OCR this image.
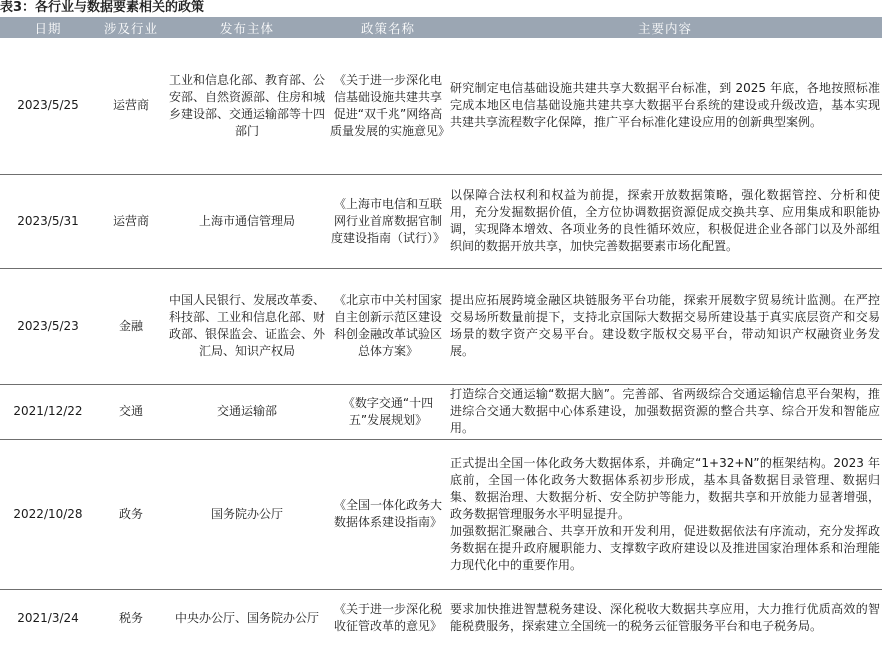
表3：各行业与数据要素相关的政策
日期	涉及行业	发布主体	政策名称	主要内容
2023/5/25	运营商	工业和信息化部、教育部、公安部、自然资源部、住房和城乡建设部、交通运输部等十四部门	《关于进一步深化电信基础设施共建共享促进“双千兆”网络高质量发展的实施意见》	研究制定电信基础设施共建共享大数据平台标准，到 2025 年底，各地按照标准完成本地区电信基础设施共建共享大数据平台系统的建设或升级改造，基本实现共建共享流程数字化保障，推广平台标准化建设应用的创新典型案例。

2023/5/31	运营商	上海市通信管理局	《上海市电信和互联网行业首席数据官制度建设指南（试行）》	以保障合法权利和权益为前提，探索开放数据策略，强化数据管控、分析和使用，充分发掘数据价值，全方位协调数据资源促成交换共享、应用集成和职能协调，实现降本增效、各项业务的良性循环效应，积极促进企业各部门以及外部组织间的数据开放共享，加快完善数据要素市场化配置。

2023/5/23	金融	中国人民银行、发展改革委、科技部、工业和信息化部、财政部、银保监会、证监会、外汇局、知识产权局	《北京市中关村国家自主创新示范区建设科创金融改革试验区总体方案》	提出应拓展跨境金融区块链服务平台功能，探索开展数字贸易统计监测。在严控交易场所数量前提下，支持北京国际大数据交易所建设基于真实底层资产和交易场景的数字资产交易平台。建设数字版权交易平台，带动知识产权融资业务发展。

2021/12/22	交通	交通运输部	《数字交通“十四五”发展规划》	打造综合交通运输“数据大脑”。完善部、省两级综合交通运输信息平台架构，推进综合交通大数据中心体系建设，加强数据资源的整合共享、综合开发和智能应用。

2022/10/28	政务	国务院办公厅	《全国一体化政务大数据体系建设指南》	正式提出全国一体化政务大数据体系，并确定“1+32+N”的框架结构。2023 年底前，全国一体化政务大数据体系初步形成，基本具备数据目录管理、数据归集、数据治理、大数据分析、安全防护等能力，数据共享和开放能力显著增强，政务数据管理服务水平明显提升。
加强数据汇聚融合、共享开放和开发利用，促进数据依法有序流动，充分发挥政务数据在提升政府履职能力、支撑数字政府建设以及推进国家治理体系和治理能力现代化中的重要作用。

2021/3/24	税务	中央办公厅、国务院办公厅	《关于进一步深化税收征管改革的意见》	要求加快推进智慧税务建设、深化税收大数据共享应用，大力推行优质高效的智能税费服务，探索建立全国统一的税务云征管服务平台和电子税务局。
